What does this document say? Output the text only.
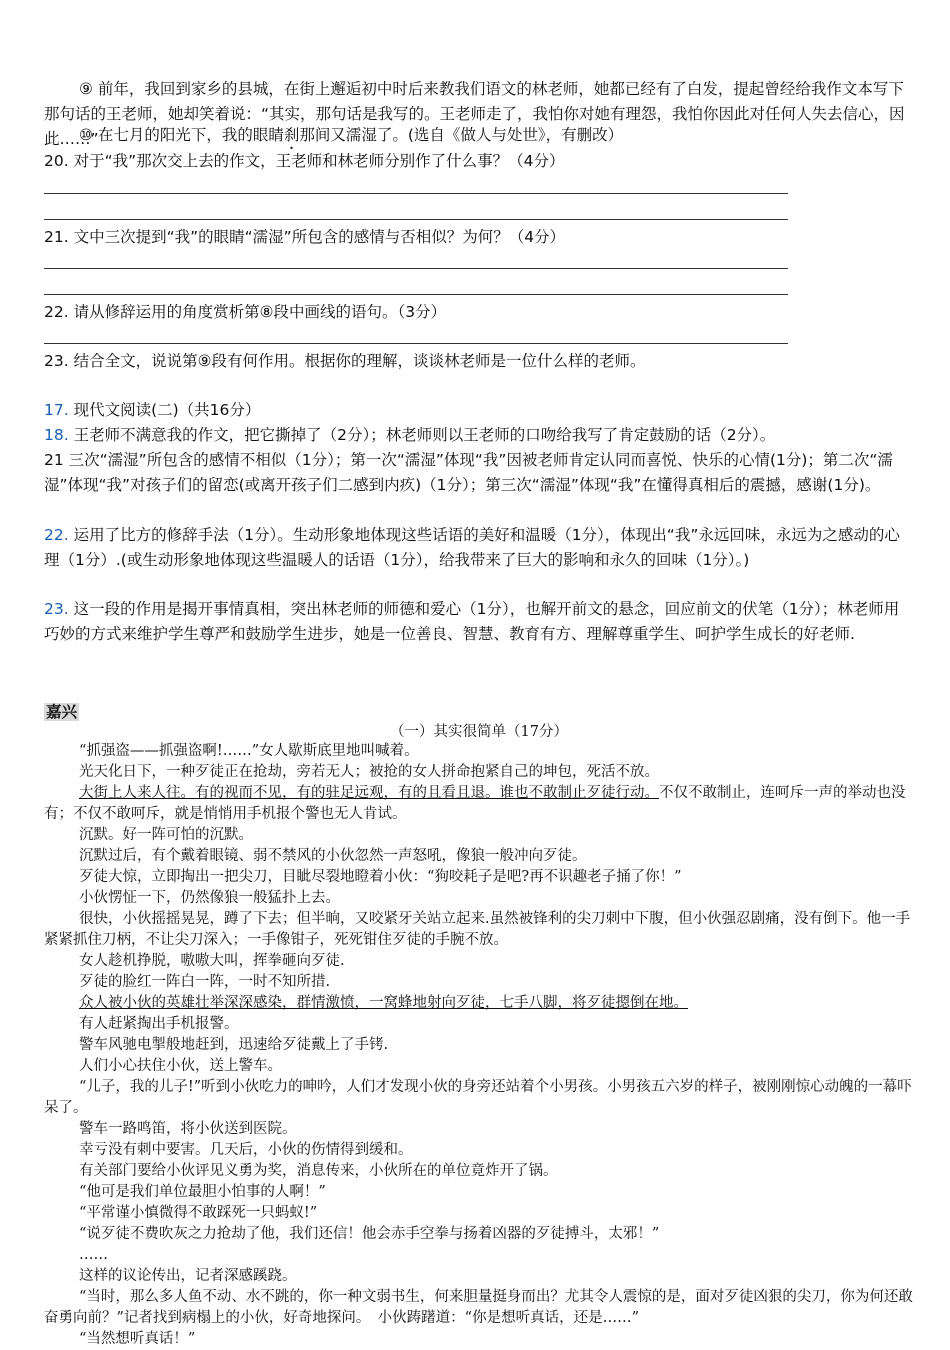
⑨ 前年，我回到家乡的县城，在街上邂逅初中时后来教我们语文的林老师，她都已经有了白发，提起曾经给我作文本写下那句话的王老师，她却笑着说：“其实，那句话是我写的。王老师走了，我怕你对她有理怨，我怕你因此对任何人失去信心，因此……”

⑩ 在七月的阳光下，我的眼睛刹那间又濡湿了。(选自《做人与处世》，有删改）

20. 对于“我”那次交上去的作文，王老师和林老师分别作了什么事？（4分）

21. 文中三次提到“我”的眼睛“濡湿”所包含的感情与否相似？为何？（4分）

22. 请从修辞运用的角度赏析第⑧段中画线的语句。（3分）

23. 结合全文，说说第⑨段有何作用。根据你的理解，谈谈林老师是一位什么样的老师。

17. 现代文阅读(二)（共16分）

18. 王老师不满意我的作文，把它撕掉了（2分）；林老师则以王老师的口吻给我写了肯定鼓励的话（2分）。

21 三次“濡湿”所包含的感情不相似（1分）；第一次“濡湿”体现“我”因被老师肯定认同而喜悦、快乐的心情(1分)；第二次“濡湿”体现“我”对孩子们的留恋(或离开孩子们二感到内疚)（1分）；第三次“濡湿”体现“我”在懂得真相后的震撼，感谢(1分)。

22. 运用了比方的修辞手法（1分）。生动形象地体现这些话语的美好和温暖（1分），体现出“我”永远回味，永远为之感动的心理（1分）.(或生动形象地体现这些温暖人的话语（1分），给我带来了巨大的影响和永久的回味（1分）。)

23. 这一段的作用是揭开事情真相，突出林老师的师德和爱心（1分），也解开前文的悬念，回应前文的伏笔（1分）；林老师用巧妙的方式来维护学生尊严和鼓励学生进步，她是一位善良、智慧、教育有方、理解尊重学生、呵护学生成长的好老师.

嘉兴

（一）其实很简单（17分）

“抓强盗——抓强盗啊!……”女人歇斯底里地叫喊着。

光天化日下，一种歹徒正在抢劫，旁若无人；被抢的女人拼命抱紧自己的坤包，死活不放。

大街上人来人往。有的视而不见，有的驻足远观，有的且看且退。谁也不敢制止歹徒行动。不仅不敢制止，连呵斥一声的举动也没有；不仅不敢呵斥，就是悄悄用手机报个警也无人肯试。

沉默。好一阵可怕的沉默。

沉默过后，有个戴着眼镜、弱不禁风的小伙忽然一声怒吼，像狼一般冲向歹徒。

歹徒大惊，立即掏出一把尖刀，目眦尽裂地瞪着小伙：“狗咬耗子是吧?再不识趣老子捅了你！”

小伙愣怔一下，仍然像狼一般猛扑上去。

很快，小伙摇摇晃晃，蹲了下去；但半晌，又咬紧牙关站立起来.虽然被锋利的尖刀刺中下腹，但小伙强忍剧痛，没有倒下。他一手紧紧抓住刀柄，不让尖刀深入；一手像钳子，死死钳住歹徒的手腕不放。

女人趁机挣脱，嗷嗷大叫，挥拳砸向歹徒.

歹徒的脸红一阵白一阵，一时不知所措.

众人被小伙的英雄壮举深深感染，群情激愤，一窝蜂地射向歹徒，七手八脚，将歹徒摁倒在地。

有人赶紧掏出手机报警。

警车风驰电掣般地赶到，迅速给歹徒戴上了手铐.

人们小心扶住小伙，送上警车。

“儿子，我的儿子!”听到小伙吃力的呻吟，人们才发现小伙的身旁还站着个小男孩。小男孩五六岁的样子，被刚刚惊心动魄的一幕吓呆了。

警车一路鸣笛，将小伙送到医院。

幸亏没有刺中要害。几天后，小伙的伤情得到缓和。

有关部门要给小伙评见义勇为奖，消息传来，小伙所在的单位竟炸开了锅。

“他可是我们单位最胆小怕事的人啊！”

“平常谨小慎微得不敢踩死一只蚂蚁!”

“说歹徒不费吹灰之力抢劫了他，我们还信！他会赤手空拳与扬着凶器的歹徒搏斗，太邪！”

……

这样的议论传出，记者深感蹊跷。

“当时，那么多人鱼不动、水不跳的，你一种文弱书生，何来胆量挺身而出？尤其令人震惊的是，面对歹徒凶狠的尖刀，你为何还敢奋勇向前？”记者找到病榻上的小伙，好奇地探问。　小伙踌躇道：“你是想听真话，还是……”

“当然想听真话！”
